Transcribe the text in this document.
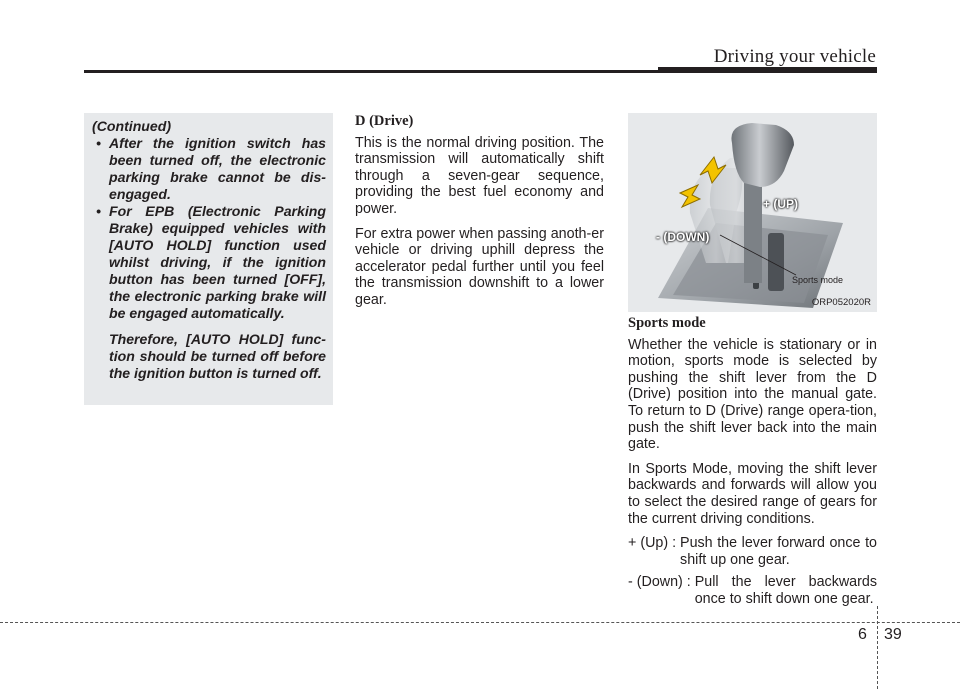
Driving your vehicle

(Continued)

• After the ignition switch has been turned off, the electronic parking brake cannot be dis-engaged.

• For EPB (Electronic Parking Brake) equipped vehicles with [AUTO HOLD] function used whilst driving, if the ignition button has been turned [OFF], the electronic parking brake will be engaged automatically.

Therefore, [AUTO HOLD] func-tion should be turned off before the ignition button is turned off.

D (Drive)

This is the normal driving position. The transmission will automatically shift through a seven-gear sequence, providing the best fuel economy and power.

For extra power when passing anoth-er vehicle or driving uphill depress the accelerator pedal further until you feel the transmission downshift to a lower gear.

+ (UP)
- (DOWN)
Sports mode
ORP052020R

Sports mode

Whether the vehicle is stationary or in motion, sports mode is selected by pushing the shift lever from the D (Drive) position into the manual gate. To return to D (Drive) range opera-tion, push the shift lever back into the main gate.

In Sports Mode, moving the shift lever backwards and forwards will allow you to select the desired range of gears for the current driving conditions.

+ (Up) : Push the lever forward once to shift up one gear.
- (Down) : Pull the lever backwards once to shift down one gear.
6 39
